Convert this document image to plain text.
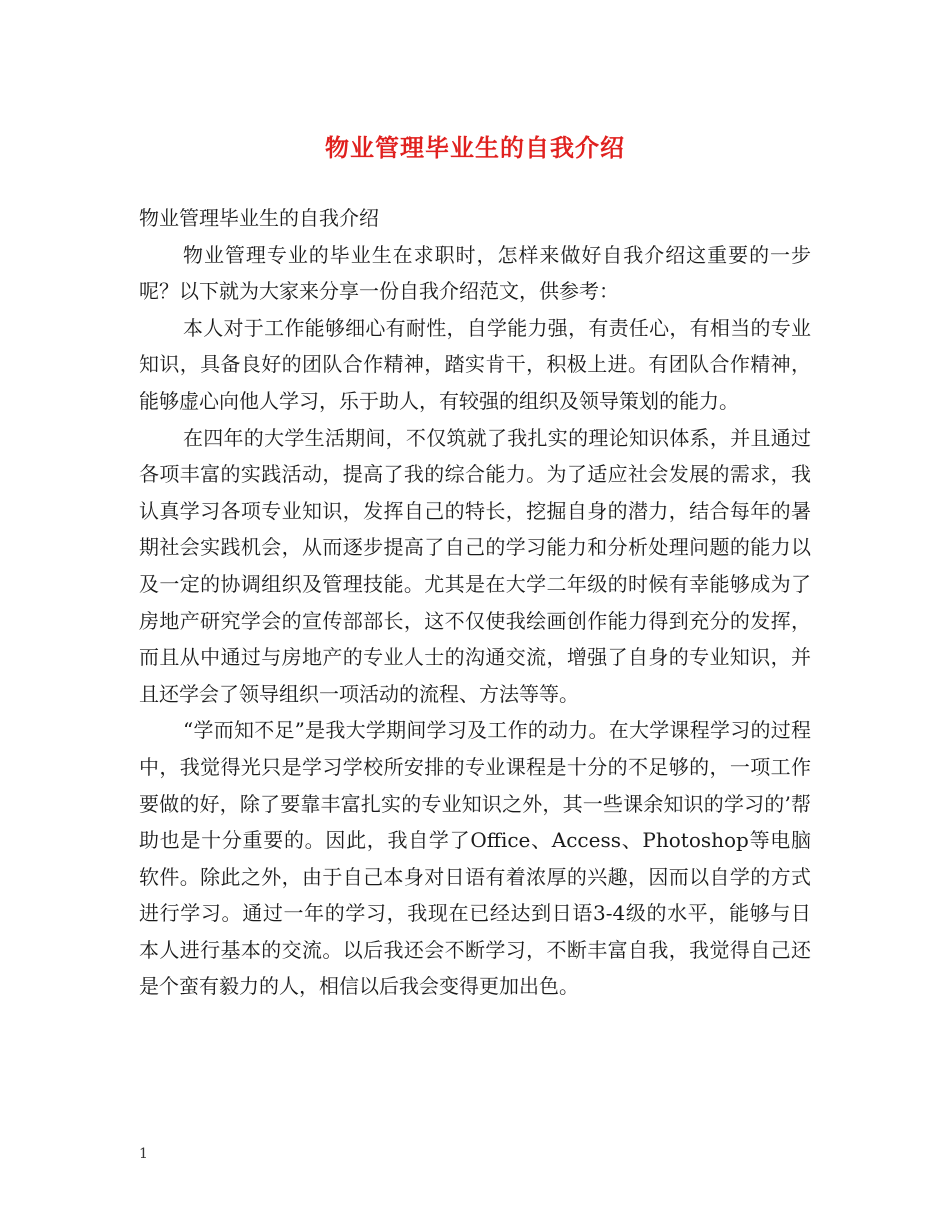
物业管理毕业生的自我介绍

物业管理毕业生的自我介绍

物业管理专业的毕业生在求职时，怎样来做好自我介绍这重要的一步呢？以下就为大家来分享一份自我介绍范文，供参考：

本人对于工作能够细心有耐性，自学能力强，有责任心，有相当的专业知识，具备良好的团队合作精神，踏实肯干，积极上进。有团队合作精神，能够虚心向他人学习，乐于助人，有较强的组织及领导策划的能力。

在四年的大学生活期间，不仅筑就了我扎实的理论知识体系，并且通过各项丰富的实践活动，提高了我的综合能力。为了适应社会发展的需求，我认真学习各项专业知识，发挥自己的特长，挖掘自身的潜力，结合每年的暑期社会实践机会，从而逐步提高了自己的学习能力和分析处理问题的能力以及一定的协调组织及管理技能。尤其是在大学二年级的时候有幸能够成为了房地产研究学会的宣传部部长，这不仅使我绘画创作能力得到充分的发挥，而且从中通过与房地产的专业人士的沟通交流，增强了自身的专业知识，并且还学会了领导组织一项活动的流程、方法等等。

“学而知不足”是我大学期间学习及工作的动力。在大学课程学习的过程中，我觉得光只是学习学校所安排的专业课程是十分的不足够的，一项工作要做的好，除了要靠丰富扎实的专业知识之外，其一些课余知识的学习的’帮助也是十分重要的。因此，我自学了Office、Access、Photoshop等电脑软件。除此之外，由于自己本身对日语有着浓厚的兴趣，因而以自学的方式进行学习。通过一年的学习，我现在已经达到日语3-4级的水平，能够与日本人进行基本的交流。以后我还会不断学习，不断丰富自我，我觉得自己还是个蛮有毅力的人，相信以后我会变得更加出色。

1
